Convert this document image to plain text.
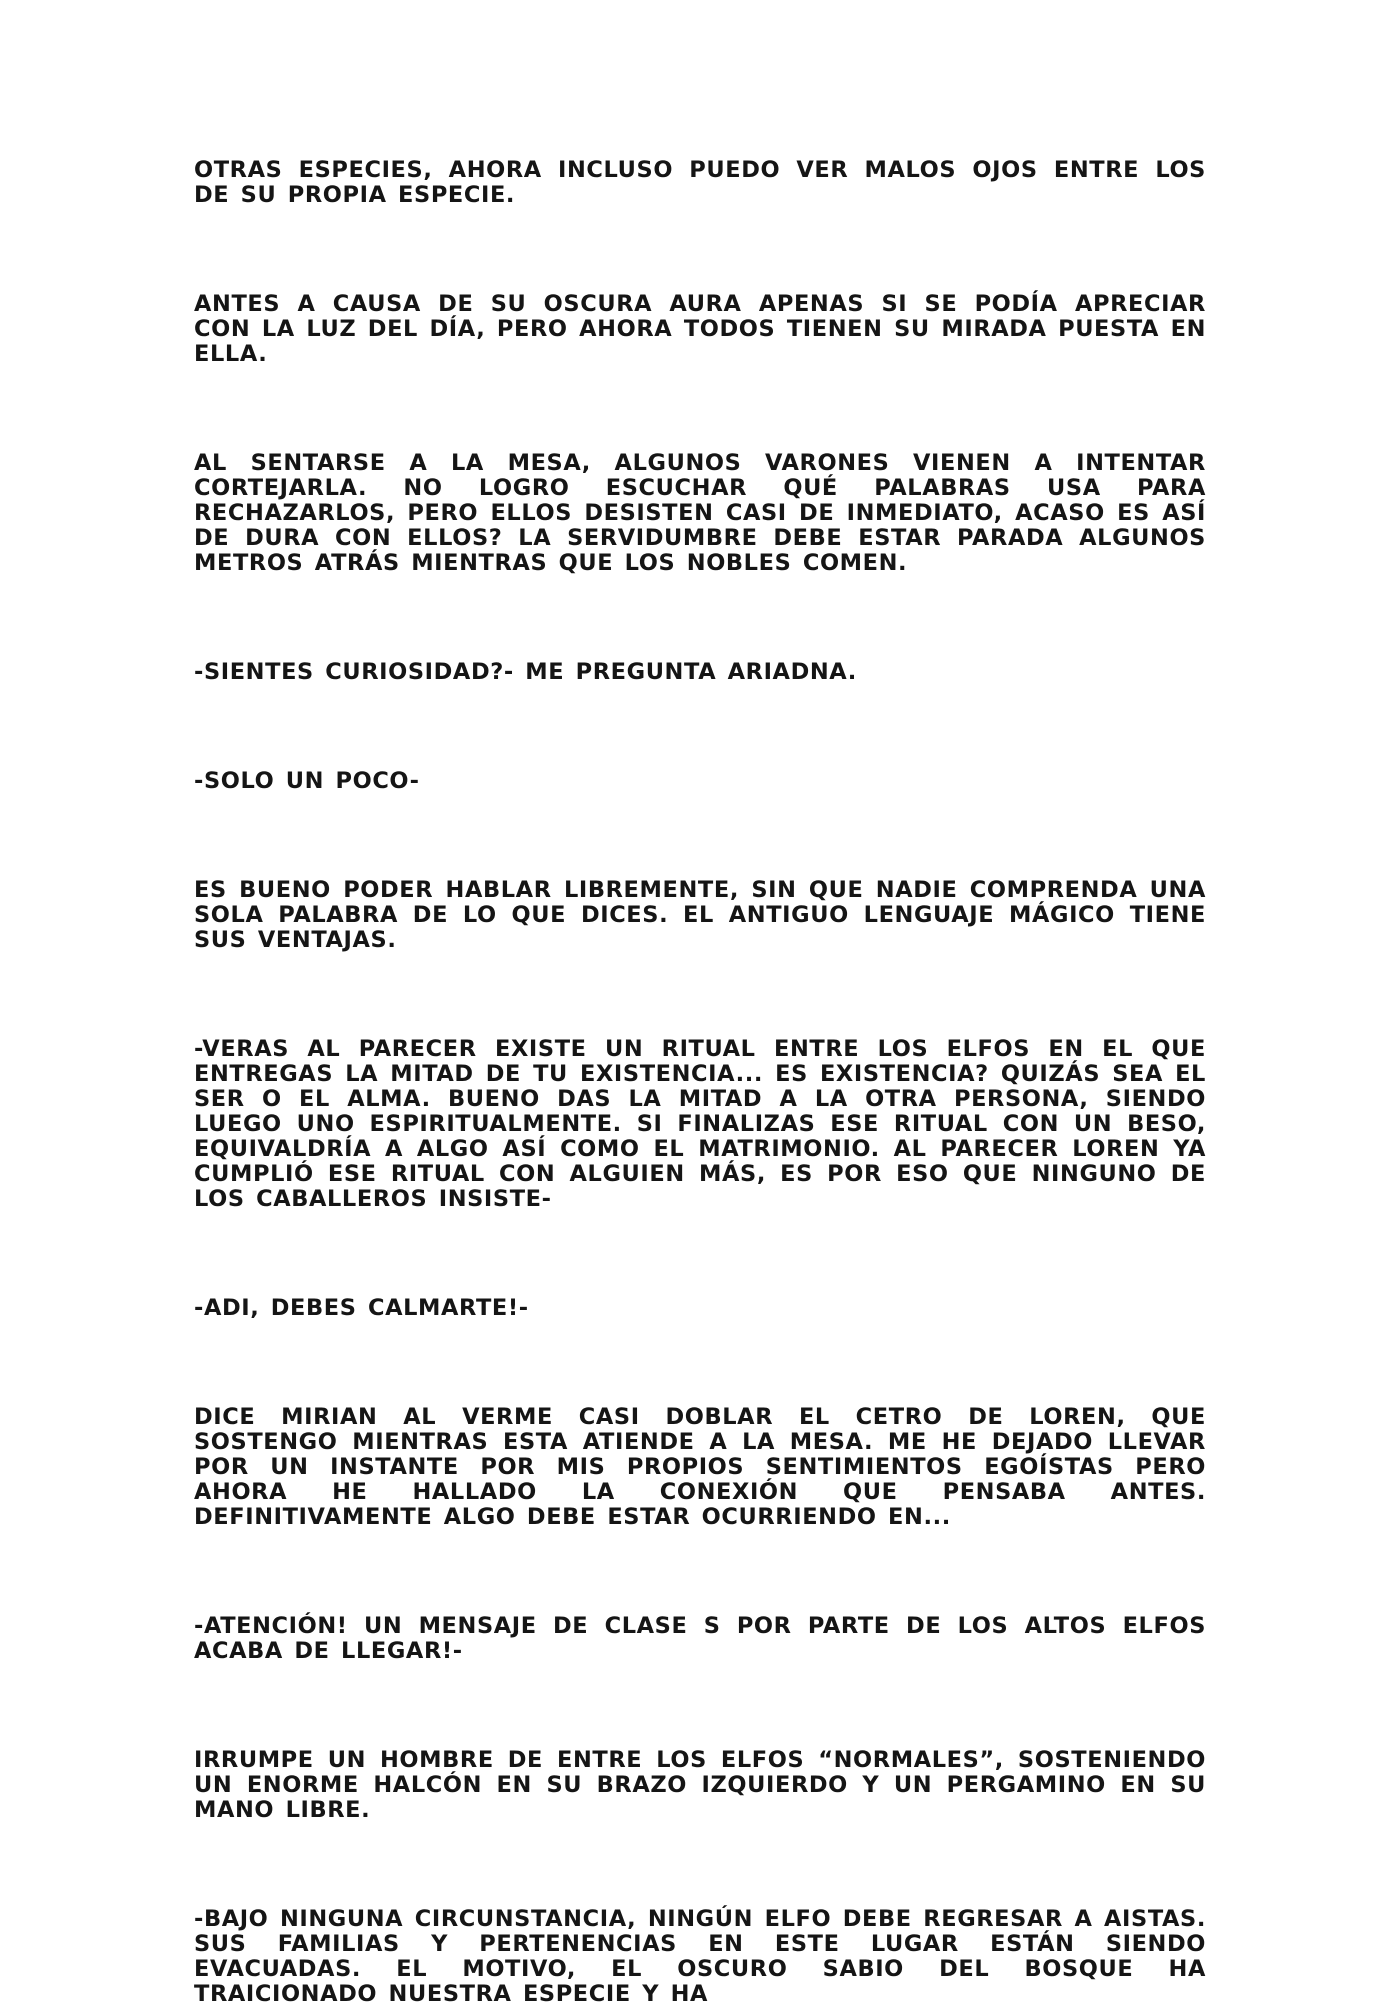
OTRAS ESPECIES, AHORA INCLUSO PUEDO VER MALOS OJOS ENTRE LOS DE SU PROPIA ESPECIE.

ANTES A CAUSA DE SU OSCURA AURA APENAS SI SE PODÍA APRECIAR CON LA LUZ DEL DÍA, PERO AHORA TODOS TIENEN SU MIRADA PUESTA EN ELLA.

AL SENTARSE A LA MESA, ALGUNOS VARONES VIENEN A INTENTAR CORTEJARLA. NO LOGRO ESCUCHAR QUÉ PALABRAS USA PARA RECHAZARLOS, PERO ELLOS DESISTEN CASI DE INMEDIATO, ACASO ES ASÍ DE DURA CON ELLOS? LA SERVIDUMBRE DEBE ESTAR PARADA ALGUNOS METROS ATRÁS MIENTRAS QUE LOS NOBLES COMEN.

-SIENTES CURIOSIDAD?- ME PREGUNTA ARIADNA.

-SOLO UN POCO-

ES BUENO PODER HABLAR LIBREMENTE, SIN QUE NADIE COMPRENDA UNA SOLA PALABRA DE LO QUE DICES. EL ANTIGUO LENGUAJE MÁGICO TIENE SUS VENTAJAS.

-VERAS AL PARECER EXISTE UN RITUAL ENTRE LOS ELFOS EN EL QUE ENTREGAS LA MITAD DE TU EXISTENCIA... ES EXISTENCIA? QUIZÁS SEA EL SER O EL ALMA. BUENO DAS LA MITAD A LA OTRA PERSONA, SIENDO LUEGO UNO ESPIRITUALMENTE. SI FINALIZAS ESE RITUAL CON UN BESO, EQUIVALDRÍA A ALGO ASÍ COMO EL MATRIMONIO. AL PARECER LOREN YA CUMPLIÓ ESE RITUAL CON ALGUIEN MÁS, ES POR ESO QUE NINGUNO DE LOS CABALLEROS INSISTE-

-ADI, DEBES CALMARTE!-

DICE MIRIAN AL VERME CASI DOBLAR EL CETRO DE LOREN, QUE SOSTENGO MIENTRAS ESTA ATIENDE A LA MESA. ME HE DEJADO LLEVAR POR UN INSTANTE POR MIS PROPIOS SENTIMIENTOS EGOÍSTAS PERO AHORA HE HALLADO LA CONEXIÓN QUE PENSABA ANTES. DEFINITIVAMENTE ALGO DEBE ESTAR OCURRIENDO EN...

-ATENCIÓN! UN MENSAJE DE CLASE S POR PARTE DE LOS ALTOS ELFOS ACABA DE LLEGAR!-

IRRUMPE UN HOMBRE DE ENTRE LOS ELFOS “NORMALES”, SOSTENIENDO UN ENORME HALCÓN EN SU BRAZO IZQUIERDO Y UN PERGAMINO EN SU MANO LIBRE.

-BAJO NINGUNA CIRCUNSTANCIA, NINGÚN ELFO DEBE REGRESAR A AISTAS. SUS FAMILIAS Y PERTENENCIAS EN ESTE LUGAR ESTÁN SIENDO EVACUADAS. EL MOTIVO, EL OSCURO SABIO DEL BOSQUE HA TRAICIONADO NUESTRA ESPECIE Y HA
